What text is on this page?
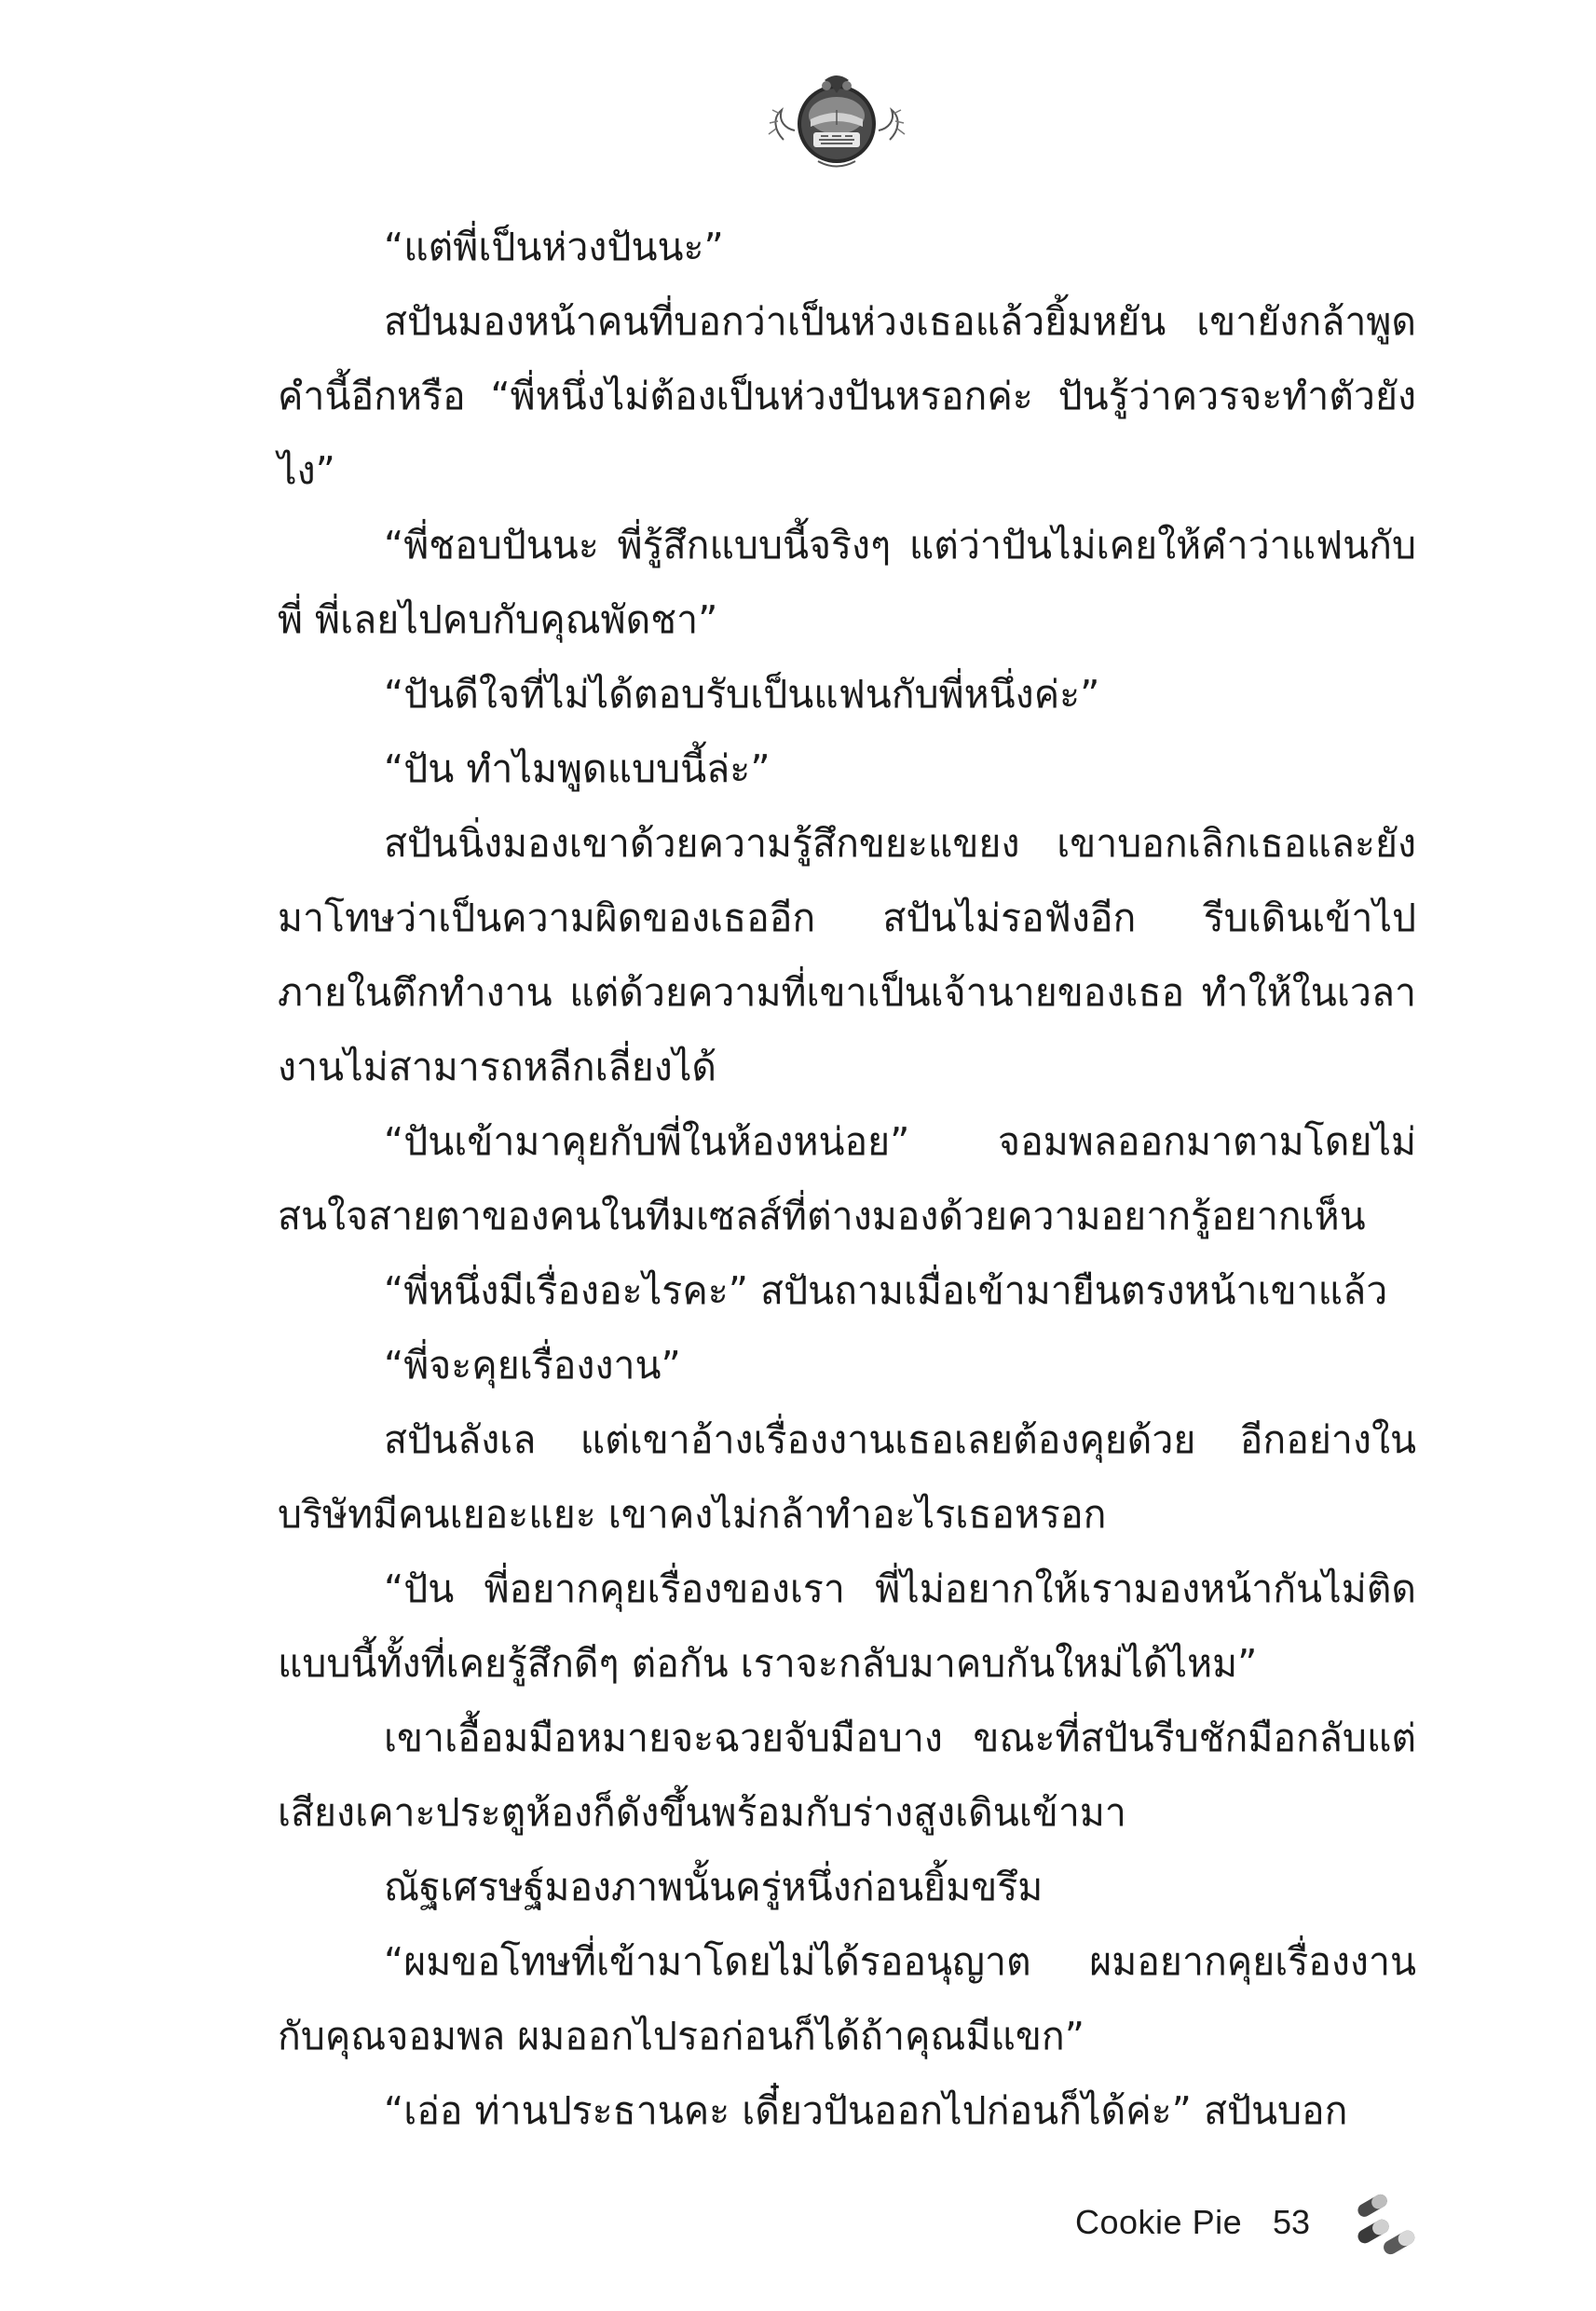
“แต่พี่เป็นห่วงปันนะ”

สปันมองหน้าคนที่บอกว่าเป็นห่วงเธอแล้วยิ้มหยัน เขายังกล้าพูดคำนี้อีกหรือ “พี่หนึ่งไม่ต้องเป็นห่วงปันหรอกค่ะ ปันรู้ว่าควรจะทำตัวยังไง”

“พี่ชอบปันนะ พี่รู้สึกแบบนี้จริงๆ แต่ว่าปันไม่เคยให้คำว่าแฟนกับพี่ พี่เลยไปคบกับคุณพัดชา”

“ปันดีใจที่ไม่ได้ตอบรับเป็นแฟนกับพี่หนึ่งค่ะ”

“ปัน ทำไมพูดแบบนี้ล่ะ”

สปันนิ่งมองเขาด้วยความรู้สึกขยะแขยง เขาบอกเลิกเธอและยังมาโทษว่าเป็นความผิดของเธออีก สปันไม่รอฟังอีก รีบเดินเข้าไปภายในตึกทำงาน แต่ด้วยความที่เขาเป็นเจ้านายของเธอ ทำให้ในเวลางานไม่สามารถหลีกเลี่ยงได้

“ปันเข้ามาคุยกับพี่ในห้องหน่อย” จอมพลออกมาตามโดยไม่สนใจสายตาของคนในทีมเซลส์ที่ต่างมองด้วยความอยากรู้อยากเห็น

“พี่หนึ่งมีเรื่องอะไรคะ” สปันถามเมื่อเข้ามายืนตรงหน้าเขาแล้ว

“พี่จะคุยเรื่องงาน”

สปันลังเล แต่เขาอ้างเรื่องงานเธอเลยต้องคุยด้วย อีกอย่างในบริษัทมีคนเยอะแยะ เขาคงไม่กล้าทำอะไรเธอหรอก

“ปัน พี่อยากคุยเรื่องของเรา พี่ไม่อยากให้เรามองหน้ากันไม่ติดแบบนี้ทั้งที่เคยรู้สึกดีๆ ต่อกัน เราจะกลับมาคบกันใหม่ได้ไหม”

เขาเอื้อมมือหมายจะฉวยจับมือบาง ขณะที่สปันรีบชักมือกลับแต่เสียงเคาะประตูห้องก็ดังขึ้นพร้อมกับร่างสูงเดินเข้ามา

ณัฐเศรษฐ์มองภาพนั้นครู่หนึ่งก่อนยิ้มขรึม

“ผมขอโทษที่เข้ามาโดยไม่ได้รออนุญาต ผมอยากคุยเรื่องงานกับคุณจอมพล ผมออกไปรอก่อนก็ได้ถ้าคุณมีแขก”

“เอ่อ ท่านประธานคะ เดี๋ยวปันออกไปก่อนก็ได้ค่ะ” สปันบอก

Cookie Pie 53
